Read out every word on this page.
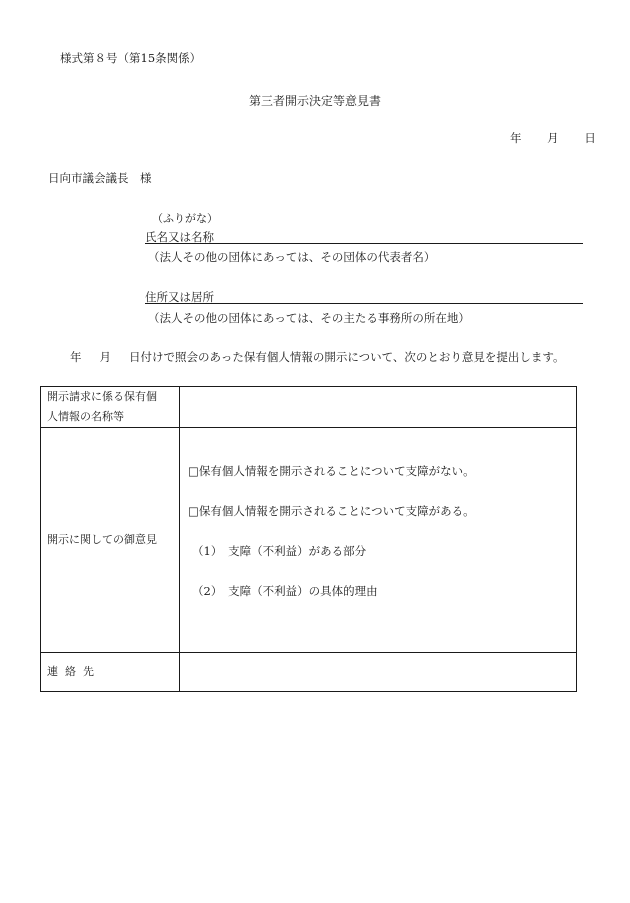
様式第８号（第15条関係）
第三者開示決定等意見書
年 月 日
日向市議会議長　様
（ふりがな）
氏名又は名称
（法人その他の団体にあっては、その団体の代表者名）
住所又は居所
（法人その他の団体にあっては、その主たる事務所の所在地）
年 月 日付けで照会のあった保有個人情報の開示について、次のとおり意見を提出します。
開示請求に係る保有個
人情報の名称等	

開示に関しての御意見	□保有個人情報を開示されることについて支障がない。
□保有個人情報を開示されることについて支障がある。
（1）　支障（不利益）がある部分
（2）　支障（不利益）の具体的理由

連 絡 先	
